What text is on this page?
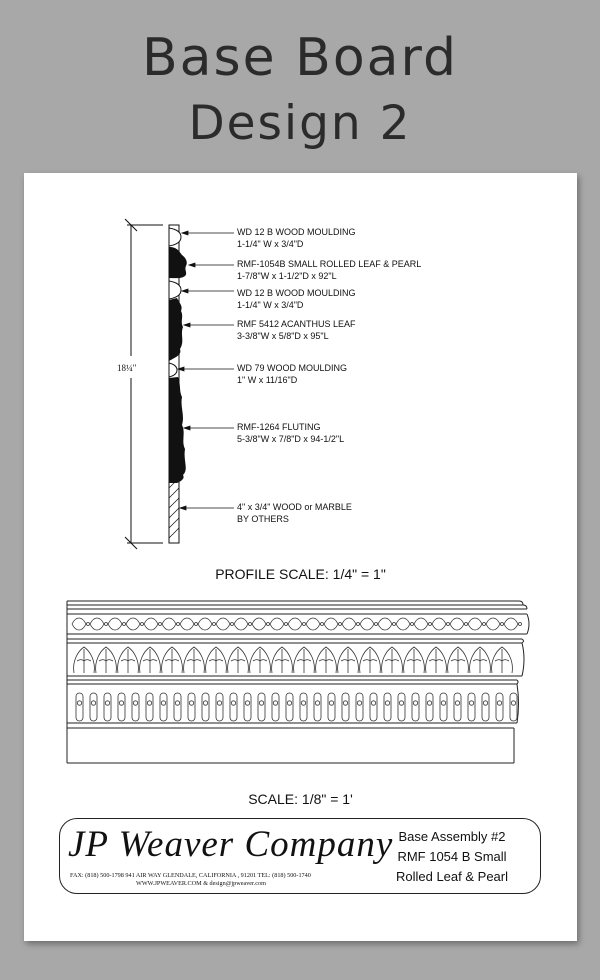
Base Board
Design 2
18¼"
WD 12 B WOOD MOULDING
1-1/4" W x 3/4"D
RMF-1054B SMALL ROLLED LEAF & PEARL
1-7/8"W x 1-1/2"D x 92"L
WD 12 B WOOD MOULDING
1-1/4" W x 3/4"D
RMF 5412 ACANTHUS LEAF
3-3/8"W x 5/8"D x 95"L
WD 79 WOOD MOULDING
1" W x 11/16"D
RMF-1264 FLUTING
5-3/8"W x 7/8"D x 94-1/2"L
4" x 3/4" WOOD or MARBLE
BY OTHERS
PROFILE SCALE: 1/4" = 1"
SCALE: 1/8" = 1'
JP Weaver Company
FAX: (818) 500-1798 941 AIR WAY GLENDALE, CALIFORNIA , 91201 TEL: (818) 500-1740
WWW.JPWEAVER.COM & design@jpweaver.com
Base Assembly #2
RMF 1054 B Small
Rolled Leaf & Pearl
